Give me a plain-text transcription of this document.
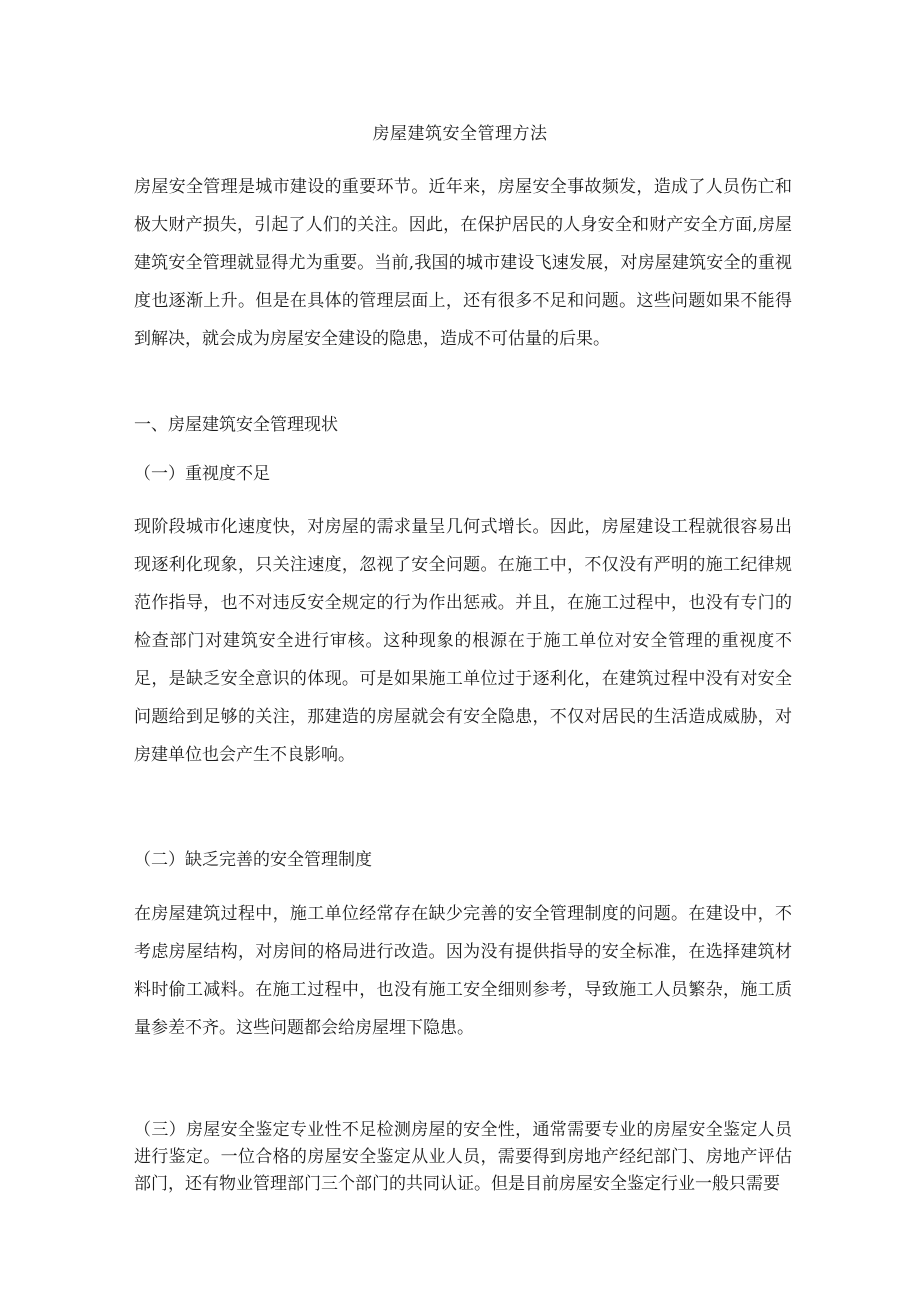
房屋建筑安全管理方法

房屋安全管理是城市建设的重要环节。近年来，房屋安全事故频发，造成了人员伤亡和极大财产损失，引起了人们的关注。因此，在保护居民的人身安全和财产安全方面,房屋建筑安全管理就显得尤为重要。当前,我国的城市建设飞速发展，对房屋建筑安全的重视度也逐渐上升。但是在具体的管理层面上，还有很多不足和问题。这些问题如果不能得到解决，就会成为房屋安全建设的隐患，造成不可估量的后果。

一、房屋建筑安全管理现状

（一）重视度不足

现阶段城市化速度快，对房屋的需求量呈几何式增长。因此，房屋建设工程就很容易出现逐利化现象，只关注速度，忽视了安全问题。在施工中，不仅没有严明的施工纪律规范作指导，也不对违反安全规定的行为作出惩戒。并且，在施工过程中，也没有专门的检查部门对建筑安全进行审核。这种现象的根源在于施工单位对安全管理的重视度不足，是缺乏安全意识的体现。可是如果施工单位过于逐利化，在建筑过程中没有对安全问题给到足够的关注，那建造的房屋就会有安全隐患，不仅对居民的生活造成威胁，对房建单位也会产生不良影响。

（二）缺乏完善的安全管理制度

在房屋建筑过程中，施工单位经常存在缺少完善的安全管理制度的问题。在建设中，不考虑房屋结构，对房间的格局进行改造。因为没有提供指导的安全标准，在选择建筑材料时偷工减料。在施工过程中，也没有施工安全细则参考，导致施工人员繁杂，施工质量参差不齐。这些问题都会给房屋埋下隐患。

（三）房屋安全鉴定专业性不足检测房屋的安全性，通常需要专业的房屋安全鉴定人员进行鉴定。一位合格的房屋安全鉴定从业人员，需要得到房地产经纪部门、房地产评估部门，还有物业管理部门三个部门的共同认证。但是目前房屋安全鉴定行业一般只需要
